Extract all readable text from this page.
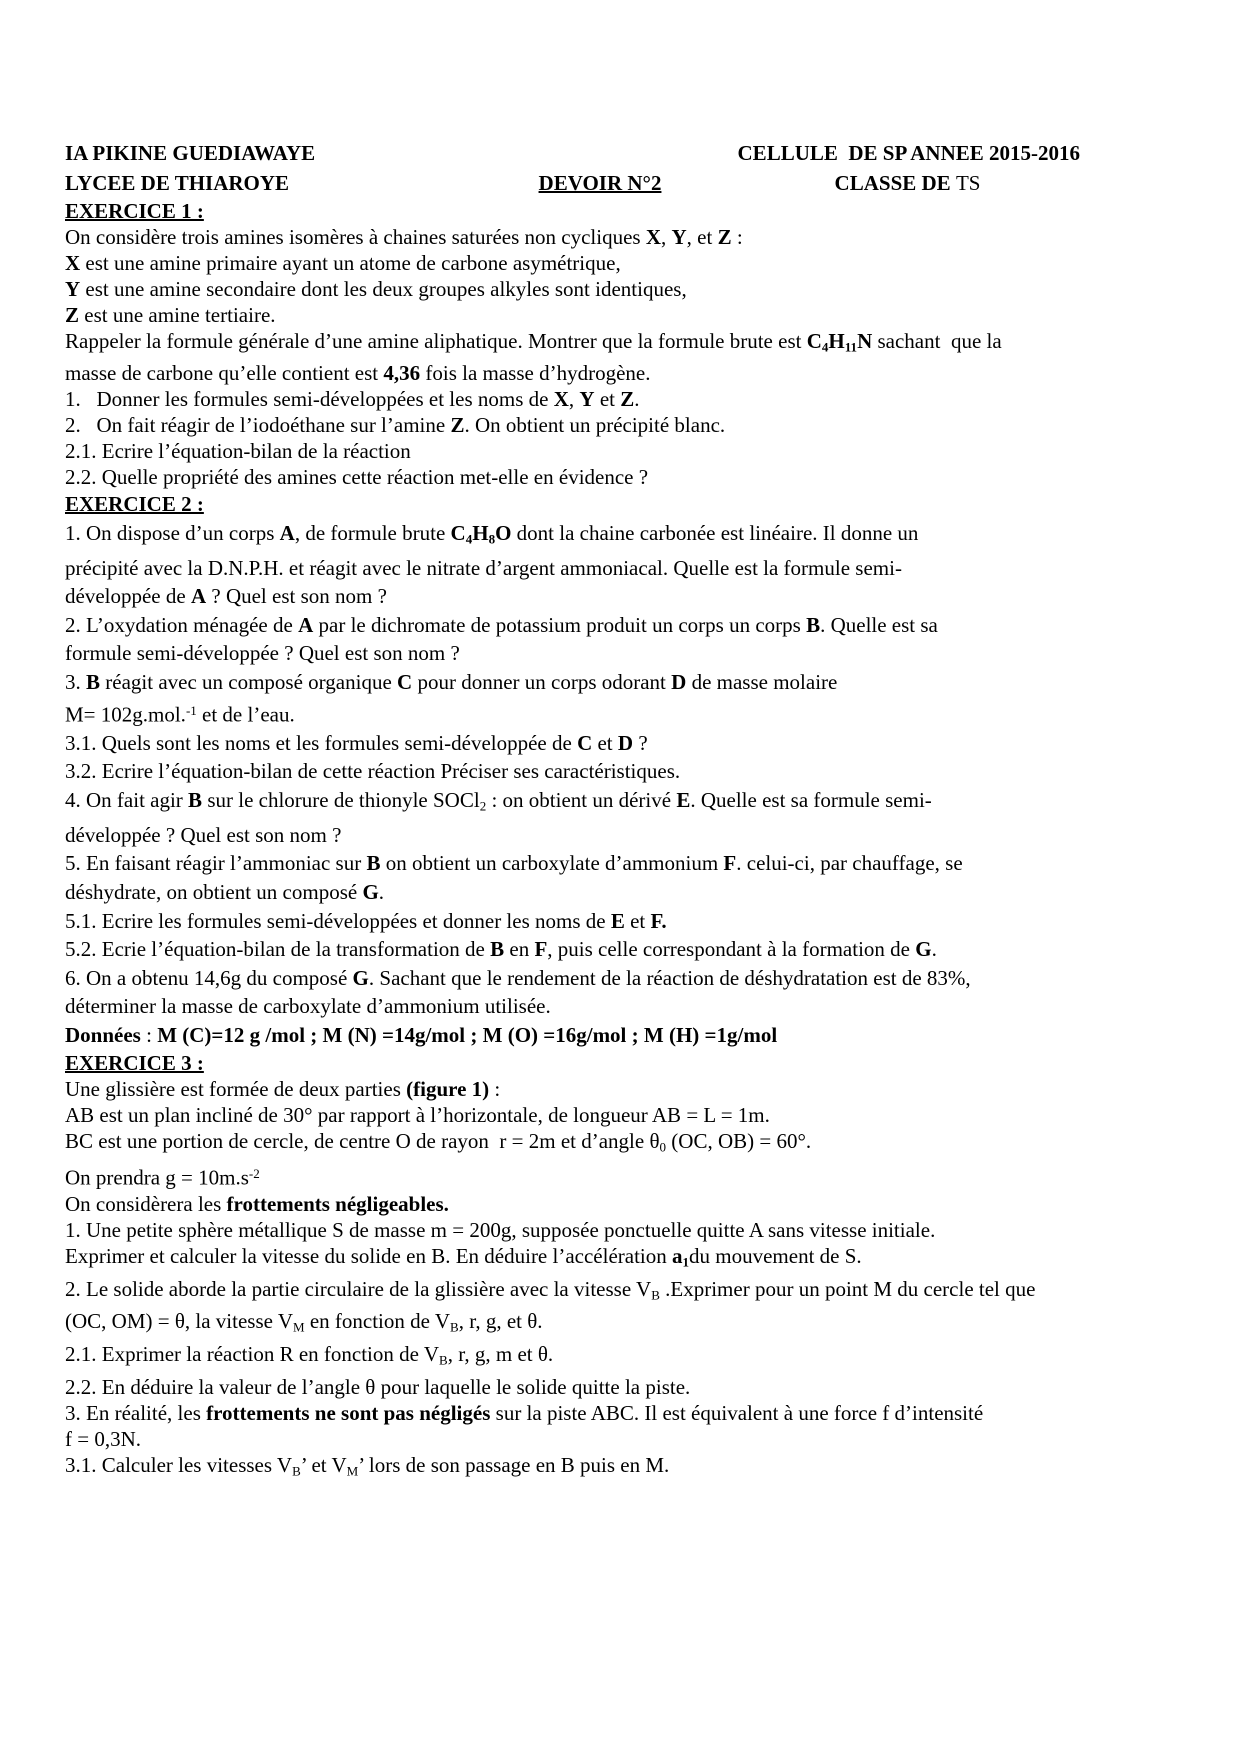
IA PIKINE GUEDIAWAYE	CELLULE  DE SP ANNEE 2015-2016
LYCEE DE THIAROYE	DEVOIR N°2	CLASSE DE TS
EXERCICE 1 :
On considère trois amines isomères à chaines saturées non cycliques X, Y, et Z :
X est une amine primaire ayant un atome de carbone asymétrique,
Y est une amine secondaire dont les deux groupes alkyles sont identiques,
Z est une amine tertiaire.
Rappeler la formule générale d’une amine aliphatique. Montrer que la formule brute est $C_4H_{11}N$ sachant  que la
masse de carbone qu’elle contient est 4,36 fois la masse d’hydrogène.
1.   Donner les formules semi-développées et les noms de X, Y et Z.
2.   On fait réagir de l’iodoéthane sur l’amine Z. On obtient un précipité blanc.
2.1. Ecrire l’équation-bilan de la réaction
2.2. Quelle propriété des amines cette réaction met-elle en évidence ?
EXERCICE 2 :
1. On dispose d’un corps A, de formule brute $C_4H_8O$ dont la chaine carbonée est linéaire. Il donne un
précipité avec la D.N.P.H. et réagit avec le nitrate d’argent ammoniacal. Quelle est la formule semi-
développée de A ? Quel est son nom ?
2. L’oxydation ménagée de A par le dichromate de potassium produit un corps un corps B. Quelle est sa
formule semi-développée ? Quel est son nom ?
3. B réagit avec un composé organique C pour donner un corps odorant D de masse molaire
M= 102g.mol.$^{-1}$ et de l’eau.
3.1. Quels sont les noms et les formules semi-développée de C et D ?
3.2. Ecrire l’équation-bilan de cette réaction Préciser ses caractéristiques.
4. On fait agir B sur le chlorure de thionyle SOCl$_2$ : on obtient un dérivé E. Quelle est sa formule semi-
développée ? Quel est son nom ?
5. En faisant réagir l’ammoniac sur B on obtient un carboxylate d’ammonium F. celui-ci, par chauffage, se
déshydrate, on obtient un composé G.
5.1. Ecrire les formules semi-développées et donner les noms de E et F.
5.2. Ecrie l’équation-bilan de la transformation de B en F, puis celle correspondant à la formation de G.
6. On a obtenu 14,6g du composé G. Sachant que le rendement de la réaction de déshydratation est de 83%,
déterminer la masse de carboxylate d’ammonium utilisée.
Données : M (C)=12 g /mol ; M (N) =14g/mol ; M (O) =16g/mol ; M (H) =1g/mol
EXERCICE 3 :
Une glissière est formée de deux parties (figure 1) :
AB est un plan incliné de 30° par rapport à l’horizontale, de longueur AB = L = 1m.
BC est une portion de cercle, de centre O de rayon  r = 2m et d’angle $\theta_0$ (OC, OB) = 60°.
On prendra $g = 10m.s^{-2}$
On considèrera les frottements négligeables.
1. Une petite sphère métallique S de masse m = 200g, supposée ponctuelle quitte A sans vitesse initiale.
Exprimer et calculer la vitesse du solide en B. En déduire l’accélération $a_1du$ mouvement de S.
2. Le solide aborde la partie circulaire de la glissière avec la vitesse $V_B$ .Exprimer pour un point M du cercle tel que
(OC, OM) = θ, la vitesse $V_M$ en fonction de $V_B$, r, g, et θ.
2.1. Exprimer la réaction R en fonction de $V_B$, r, g, m et θ.
2.2. En déduire la valeur de l’angle θ pour laquelle le solide quitte la piste.
3. En réalité, les frottements ne sont pas négligés sur la piste ABC. Il est équivalent à une force f d’intensité
f = 0,3N.
3.1. Calculer les vitesses $V_B$’ et $V_M$’ lors de son passage en B puis en M.
